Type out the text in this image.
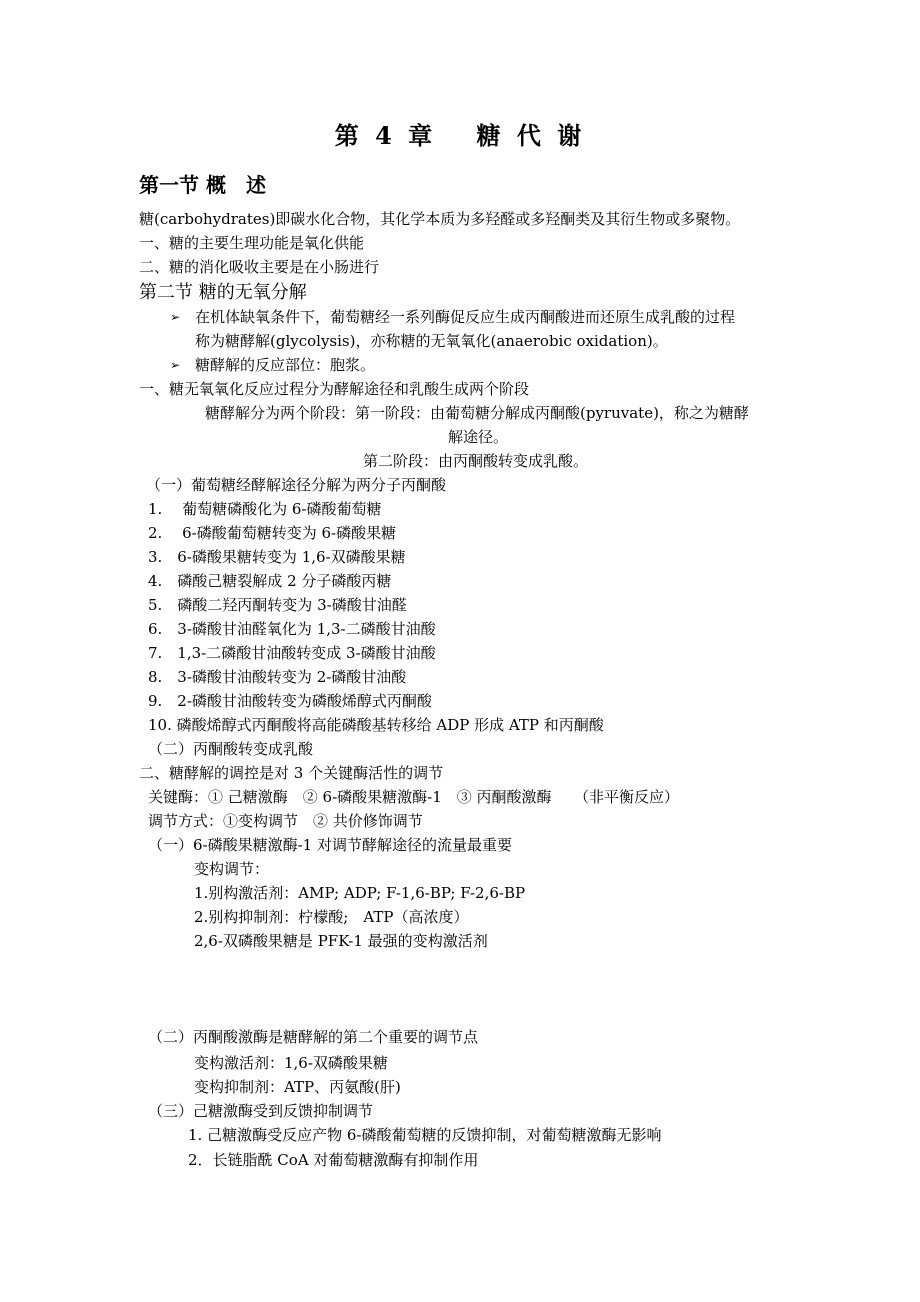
第 4 章　 糖 代 谢
第一节 概　述
糖(carbohydrates)即碳水化合物，其化学本质为多羟醛或多羟酮类及其衍生物或多聚物。
一、糖的主要生理功能是氧化供能
二、糖的消化吸收主要是在小肠进行
第二节 糖的无氧分解
➢ 在机体缺氧条件下，葡萄糖经一系列酶促反应生成丙酮酸进而还原生成乳酸的过程
称为糖酵解(glycolysis)，亦称糖的无氧氧化(anaerobic oxidation)。
➢ 糖酵解的反应部位：胞浆。
一、糖无氧氧化反应过程分为酵解途径和乳酸生成两个阶段
糖酵解分为两个阶段：第一阶段：由葡萄糖分解成丙酮酸(pyruvate)，称之为糖酵
解途径。
第二阶段：由丙酮酸转变成乳酸。
（一）葡萄糖经酵解途径分解为两分子丙酮酸
1.　 葡萄糖磷酸化为 6-磷酸葡萄糖
2.　 6-磷酸葡萄糖转变为 6-磷酸果糖
3.　6-磷酸果糖转变为 1,6-双磷酸果糖
4.　磷酸己糖裂解成 2 分子磷酸丙糖
5.　磷酸二羟丙酮转变为 3-磷酸甘油醛
6.　3-磷酸甘油醛氧化为 1,3-二磷酸甘油酸
7.　1,3-二磷酸甘油酸转变成 3-磷酸甘油酸
8.　3-磷酸甘油酸转变为 2-磷酸甘油酸
9.　2-磷酸甘油酸转变为磷酸烯醇式丙酮酸
10. 磷酸烯醇式丙酮酸将高能磷酸基转移给 ADP 形成 ATP 和丙酮酸
（二）丙酮酸转变成乳酸
二、糖酵解的调控是对 3 个关键酶活性的调节
关键酶：① 己糖激酶　② 6-磷酸果糖激酶-1　③ 丙酮酸激酶　　（非平衡反应）
调节方式：①变构调节　② 共价修饰调节
（一）6-磷酸果糖激酶-1 对调节酵解途径的流量最重要
变构调节：
1.别构激活剂：AMP; ADP; F-1,6-BP; F-2,6-BP
2.别构抑制剂：柠檬酸;　ATP（高浓度）
2,6-双磷酸果糖是 PFK-1 最强的变构激活剂
（二）丙酮酸激酶是糖酵解的第二个重要的调节点
变构激活剂：1,6-双磷酸果糖
变构抑制剂：ATP、丙氨酸(肝)
（三）己糖激酶受到反馈抑制调节
1. 己糖激酶受反应产物 6-磷酸葡萄糖的反馈抑制，对葡萄糖激酶无影响
2．长链脂酰 CoA 对葡萄糖激酶有抑制作用
